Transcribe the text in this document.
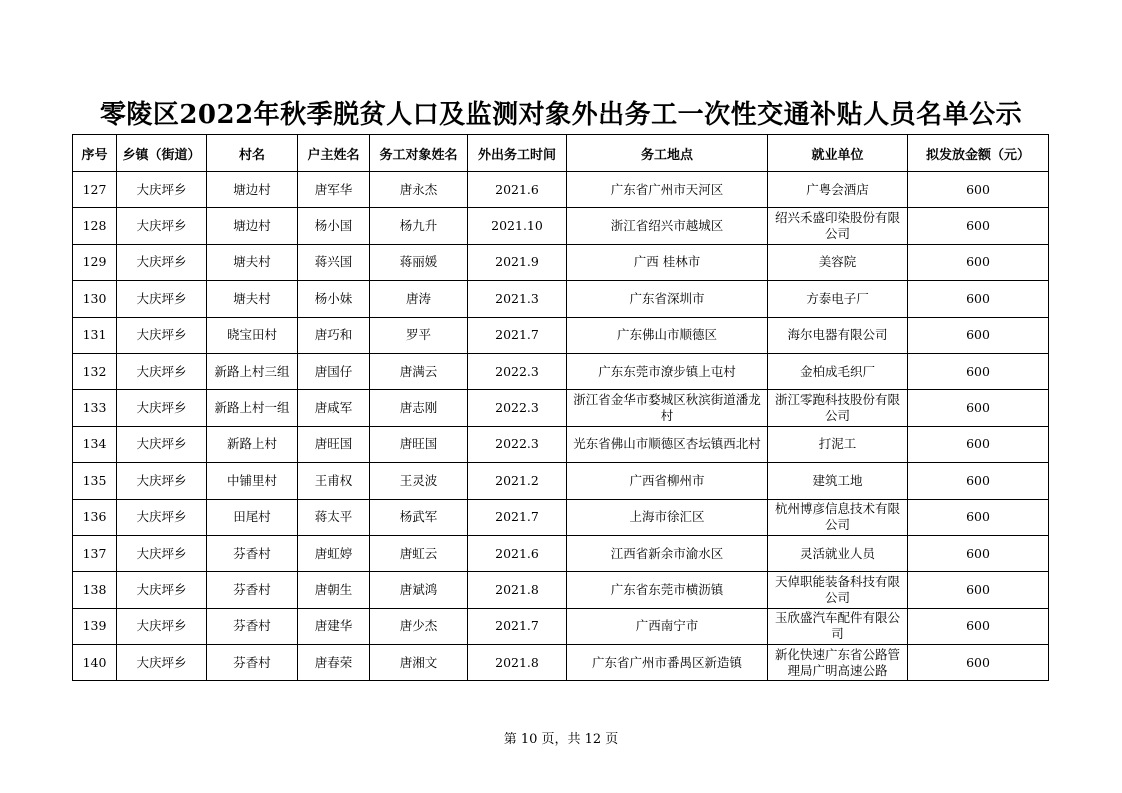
零陵区2022年秋季脱贫人口及监测对象外出务工一次性交通补贴人员名单公示
序号	乡镇（街道）	村名	户主姓名	务工对象姓名	外出务工时间	务工地点	就业单位	拟发放金额（元）
127	大庆坪乡	塘边村	唐军华	唐永杰	2021.6	广东省广州市天河区	广粤会酒店	600
128	大庆坪乡	塘边村	杨小国	杨九升	2021.10	浙江省绍兴市越城区	绍兴禾盛印染股份有限公司	600
129	大庆坪乡	塘夫村	蒋兴国	蒋丽媛	2021.9	广西 桂林市	美容院	600
130	大庆坪乡	塘夫村	杨小妹	唐涛	2021.3	广东省深圳市	方泰电子厂	600
131	大庆坪乡	晓宝田村	唐巧和	罗平	2021.7	广东佛山市顺德区	海尔电器有限公司	600
132	大庆坪乡	新路上村三组	唐国仔	唐满云	2022.3	广东东莞市潦步镇上屯村	金柏成毛织厂	600
133	大庆坪乡	新路上村一组	唐咸军	唐志刚	2022.3	浙江省金华市婺城区秋滨街道潘龙村	浙江零跑科技股份有限公司	600
134	大庆坪乡	新路上村	唐旺国	唐旺国	2022.3	光东省佛山市顺德区杏坛镇西北村	打泥工	600
135	大庆坪乡	中铺里村	王甫权	王灵波	2021.2	广西省柳州市	建筑工地	600
136	大庆坪乡	田尾村	蒋太平	杨武军	2021.7	上海市徐汇区	杭州博彦信息技术有限公司	600
137	大庆坪乡	芬香村	唐虹婷	唐虹云	2021.6	江西省新余市渝水区	灵活就业人员	600
138	大庆坪乡	芬香村	唐朝生	唐斌鸿	2021.8	广东省东莞市横沥镇	天倬职能装备科技有限公司	600
139	大庆坪乡	芬香村	唐建华	唐少杰	2021.7	广西南宁市	玉欣盛汽车配件有限公司	600
140	大庆坪乡	芬香村	唐春荣	唐湘文	2021.8	广东省广州市番禺区新造镇	新化快速广东省公路管理局广明高速公路	600
第 10 页，共 12 页
